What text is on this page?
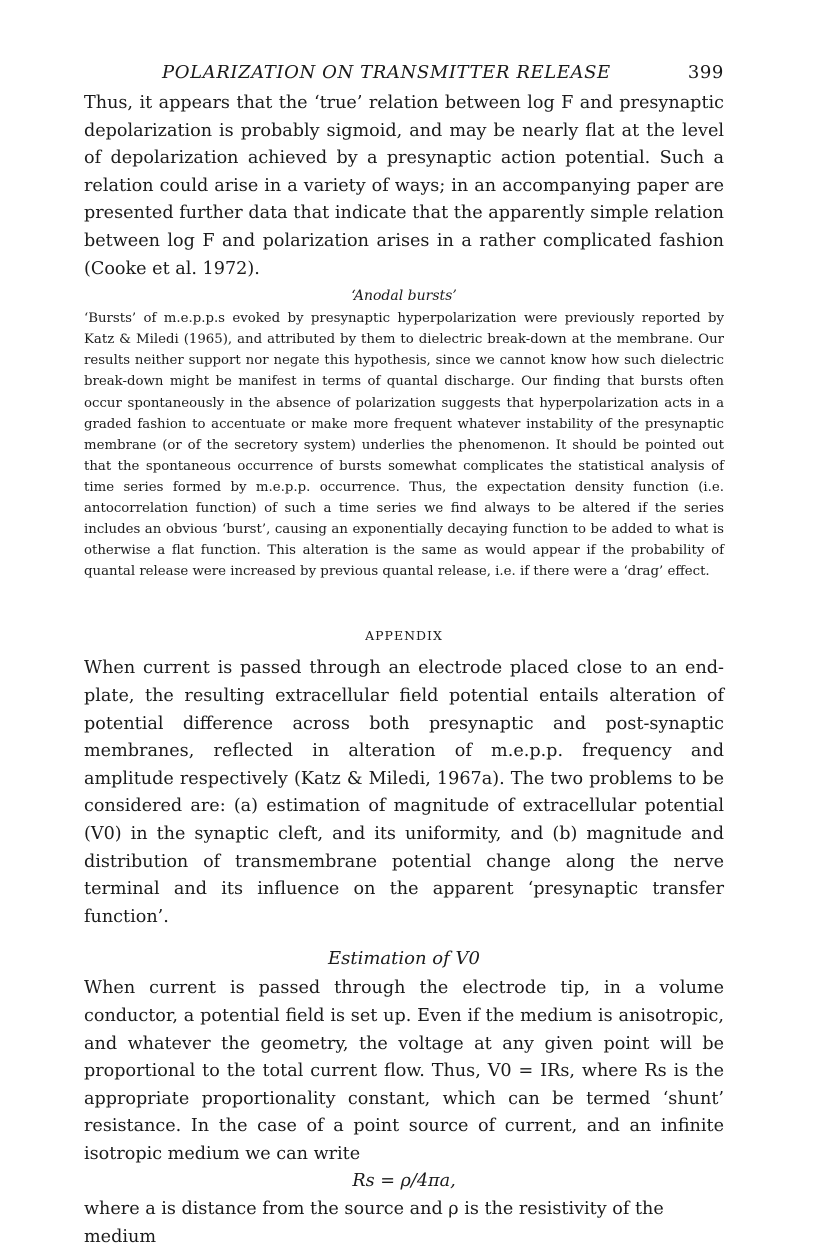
POLARIZATION ON TRANSMITTER RELEASE	399

Thus, it appears that the ‘true’ relation between log F and presynaptic depolarization is probably sigmoid, and may be nearly flat at the level of depolarization achieved by a presynaptic action potential. Such a relation could arise in a variety of ways; in an accompanying paper are presented further data that indicate that the apparently simple relation between log F and polarization arises in a rather complicated fashion (Cooke et al. 1972).

‘Anodal bursts’

‘Bursts’ of m.e.p.p.s evoked by presynaptic hyperpolarization were previously reported by Katz & Miledi (1965), and attributed by them to dielectric break-down at the membrane. Our results neither support nor negate this hypothesis, since we cannot know how such dielectric break-down might be manifest in terms of quantal discharge. Our finding that bursts often occur spontaneously in the absence of polarization suggests that hyperpolarization acts in a graded fashion to accentuate or make more frequent whatever instability of the presynaptic membrane (or of the secretory system) underlies the phenomenon. It should be pointed out that the spontaneous occurrence of bursts somewhat complicates the statistical analysis of time series formed by m.e.p.p. occurrence. Thus, the expectation density function (i.e. antocorrelation function) of such a time series we find always to be altered if the series includes an obvious ‘burst’, causing an exponentially decaying function to be added to what is otherwise a flat function. This alteration is the same as would appear if the probability of quantal release were increased by previous quantal release, i.e. if there were a ‘drag’ effect.

APPENDIX

When current is passed through an electrode placed close to an end-plate, the resulting extracellular field potential entails alteration of potential difference across both presynaptic and post-synaptic membranes, reflected in alteration of m.e.p.p. frequency and amplitude respectively (Katz & Miledi, 1967a). The two problems to be considered are: (a) estimation of magnitude of extracellular potential (V0) in the synaptic cleft, and its uniformity, and (b) magnitude and distribution of transmembrane potential change along the nerve terminal and its influence on the apparent ‘presynaptic transfer function’.

Estimation of V0

When current is passed through the electrode tip, in a volume conductor, a potential field is set up. Even if the medium is anisotropic, and whatever the geometry, the voltage at any given point will be proportional to the total current flow. Thus, V0 = IRs, where Rs is the appropriate proportionality constant, which can be termed ‘shunt’ resistance. In the case of a point source of current, and an infinite isotropic medium we can write

Rs = ρ/4πa,

where a is distance from the source and ρ is the resistivity of the medium
